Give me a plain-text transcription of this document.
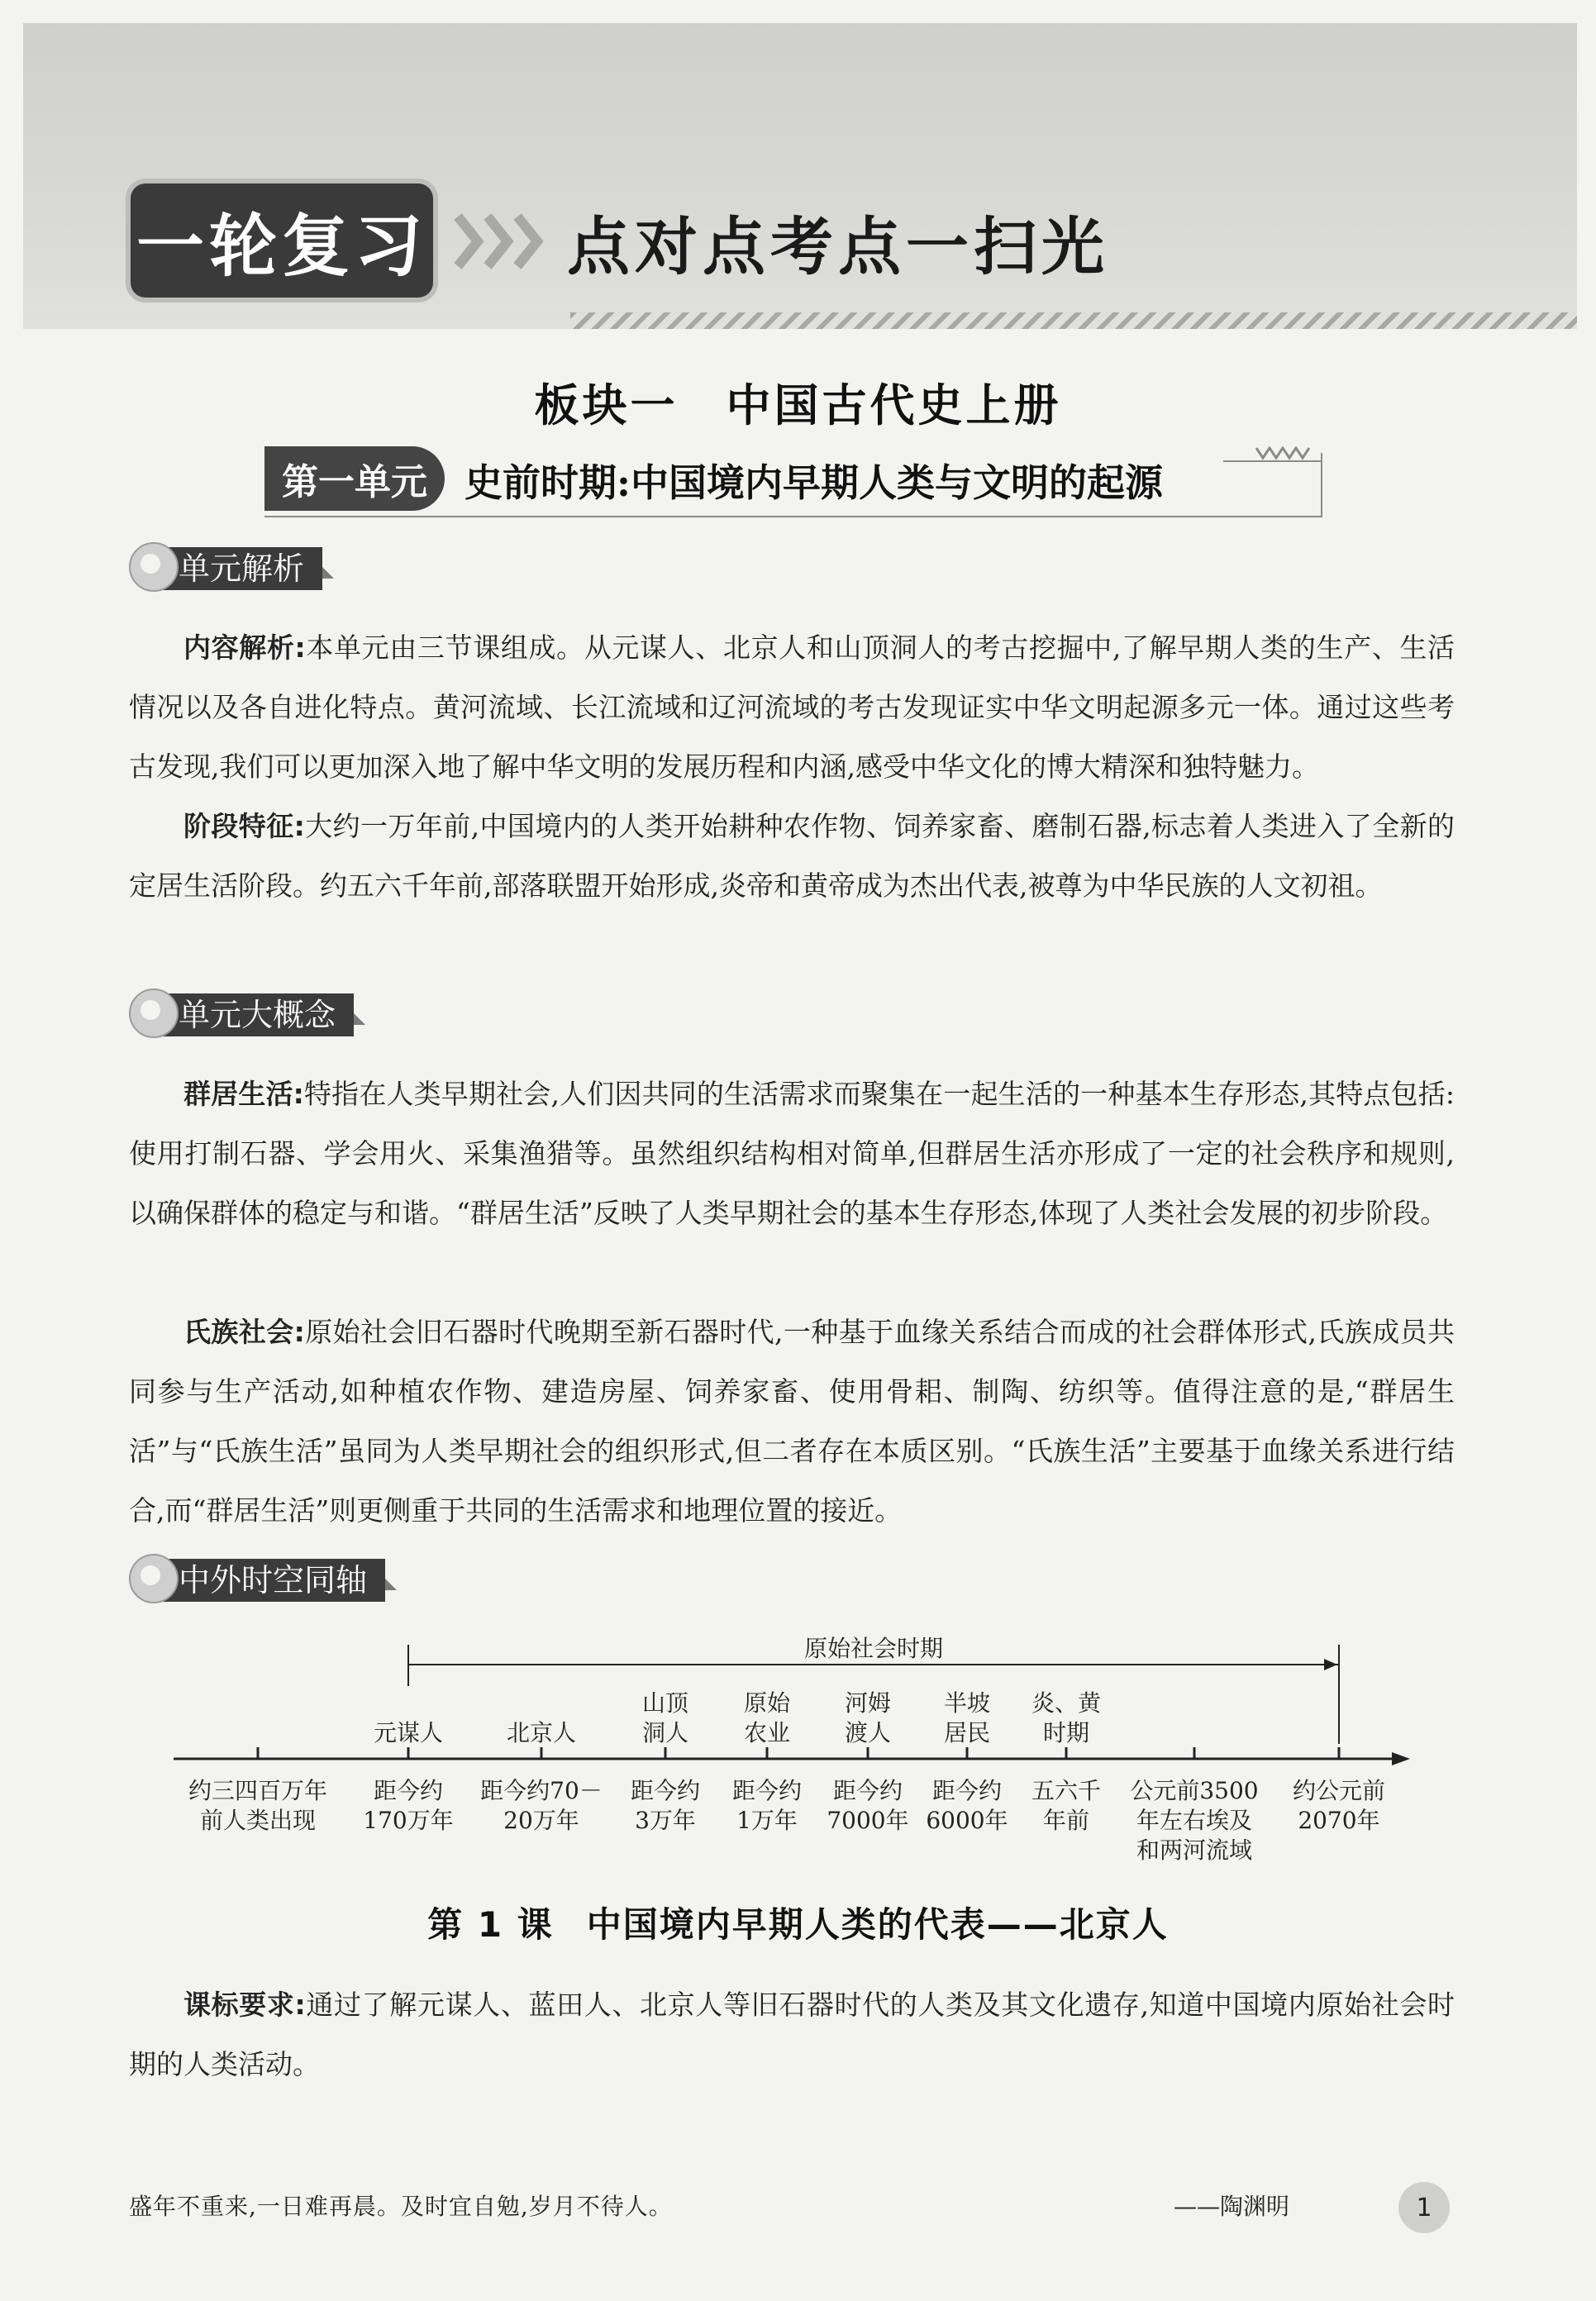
一轮复习 点对点考点一扫光
板块一　中国古代史上册
第一单元 史前时期:中国境内早期人类与文明的起源
单元解析

内容解析:本单元由三节课组成。从元谋人、北京人和山顶洞人的考古挖掘中,了解早期人类的生产、生活情况以及各自进化特点。黄河流域、长江流域和辽河流域的考古发现证实中华文明起源多元一体。通过这些考古发现,我们可以更加深入地了解中华文明的发展历程和内涵,感受中华文化的博大精深和独特魅力。

阶段特征:大约一万年前,中国境内的人类开始耕种农作物、饲养家畜、磨制石器,标志着人类进入了全新的定居生活阶段。约五六千年前,部落联盟开始形成,炎帝和黄帝成为杰出代表,被尊为中华民族的人文初祖。

单元大概念

群居生活:特指在人类早期社会,人们因共同的生活需求而聚集在一起生活的一种基本生存形态,其特点包括:使用打制石器、学会用火、采集渔猎等。虽然组织结构相对简单,但群居生活亦形成了一定的社会秩序和规则,以确保群体的稳定与和谐。“群居生活”反映了人类早期社会的基本生存形态,体现了人类社会发展的初步阶段。

氏族社会:原始社会旧石器时代晚期至新石器时代,一种基于血缘关系结合而成的社会群体形式,氏族成员共同参与生产活动,如种植农作物、建造房屋、饲养家畜、使用骨耜、制陶、纺织等。值得注意的是,“群居生活”与“氏族生活”虽同为人类早期社会的组织形式,但二者存在本质区别。“氏族生活”主要基于血缘关系进行结合,而“群居生活”则更侧重于共同的生活需求和地理位置的接近。

中外时空同轴
原始社会时期
约三四百万年
前人类出现
元谋人
距今约
170万年
北京人
距今约70－
20万年
山顶
洞人
距今约
3万年
原始
农业
距今约
1万年
河姆
渡人
距今约
7000年
半坡
居民
距今约
6000年
炎、黄
时期
五六千
年前
公元前3500
年左右埃及
和两河流域
约公元前
2070年
第 1 课 中国境内早期人类的代表——北京人

课标要求:通过了解元谋人、蓝田人、北京人等旧石器时代的人类及其文化遗存,知道中国境内原始社会时期的人类活动。

盛年不重来,一日难再晨。及时宜自勉,岁月不待人。	——陶渊明	1
